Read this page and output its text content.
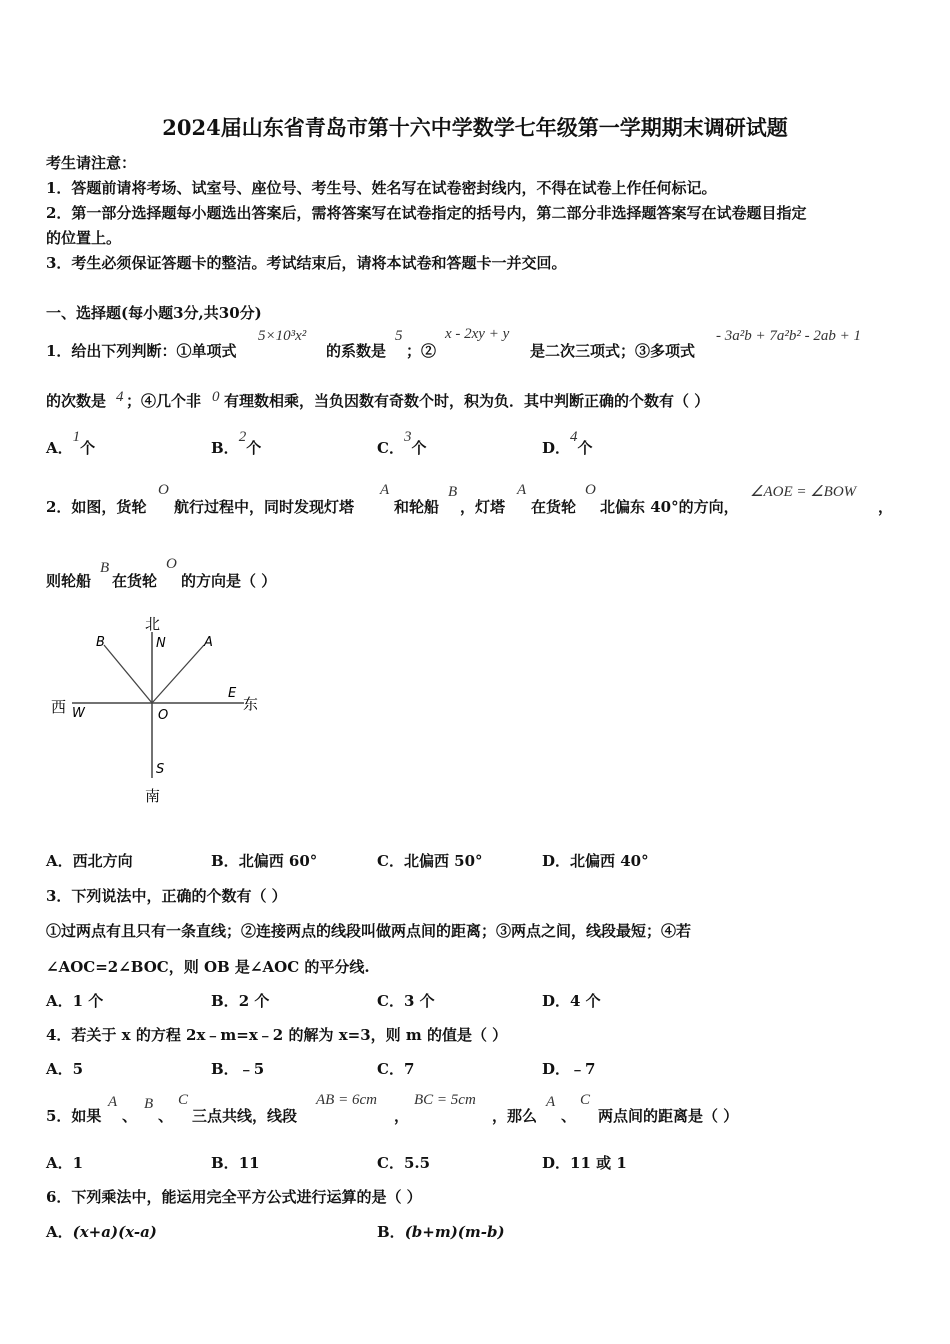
2024届山东省青岛市第十六中学数学七年级第一学期期末调研试题
考生请注意：
1．答题前请将考场、试室号、座位号、考生号、姓名写在试卷密封线内，不得在试卷上作任何标记。
2．第一部分选择题每小题选出答案后，需将答案写在试卷指定的括号内，第二部分非选择题答案写在试卷题目指定
的位置上。
3．考生必须保证答题卡的整洁。考试结束后，请将本试卷和答题卡一并交回。
一、选择题(每小题3分,共30分)
1．给出下列判断：①单项式
5×10³x²
的系数是
5
；②
x - 2xy + y
是二次三项式；③多项式
- 3a²b + 7a²b² - 2ab + 1
的次数是 4 ；④几个非 0 有理数相乘，当负因数有奇数个时，积为负．其中判断正确的个数有（ ）
A．1个	B．2个	C．3个	D．4个
2．如图，货轮
O
航行过程中，同时发现灯塔
A
和轮船
B
，灯塔
A
在货轮
O
北偏东 40°的方向，
∠AOE = ∠BOW
，
则轮船
B
在货轮
O
的方向是（ ）
北
南
西	东
N
S
W
E
O
A
B
A．西北方向	B．北偏西 60°	C．北偏西 50°	D．北偏西 40°
3．下列说法中，正确的个数有（ ）
①过两点有且只有一条直线；②连接两点的线段叫做两点间的距离；③两点之间，线段最短；④若
∠AOC=2∠BOC，则 OB 是∠AOC 的平分线.
A．1 个	B．2 个	C．3 个	D．4 个
4．若关于 x 的方程 2x﹣m=x﹣2 的解为 x=3，则 m 的值是（ ）
A．5	B．﹣5	C．7	D．﹣7
5．如果
A
、
B
、
C
三点共线，线段
AB = 6cm
，
BC = 5cm
，那么
A
、
C
两点间的距离是（ ）
A．1	B．11	C．5.5	D．11 或 1
6．下列乘法中，能运用完全平方公式进行运算的是（ ）
A．(x+a)(x-a)	B．(b+m)(m-b)
